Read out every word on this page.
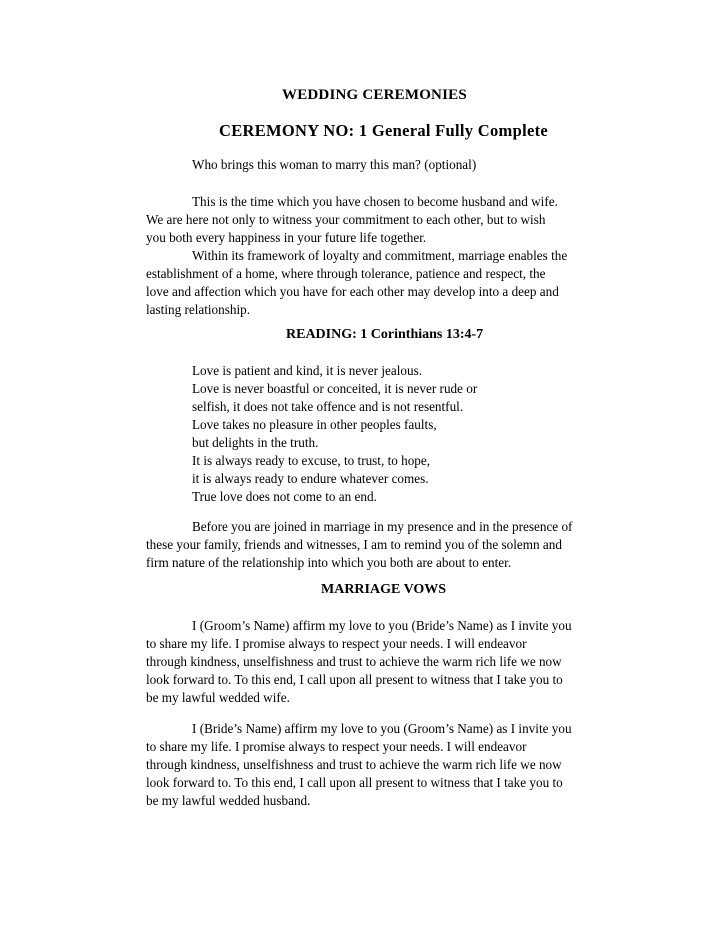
WEDDING CEREMONIES
CEREMONY NO: 1 General Fully Complete

Who brings this woman to marry this man? (optional)

This is the time which you have chosen to become husband and wife.
We are here not only to witness your commitment to each other, but to wish
you both every happiness in your future life together.
Within its framework of loyalty and commitment, marriage enables the
establishment of a home, where through tolerance, patience and respect, the
love and affection which you have for each other may develop into a deep and
lasting relationship.
READING: 1 Corinthians 13:4-7
Love is patient and kind, it is never jealous.
Love is never boastful or conceited, it is never rude or
selfish, it does not take offence and is not resentful.
Love takes no pleasure in other peoples faults,
but delights in the truth.
It is always ready to excuse, to trust, to hope,
it is always ready to endure whatever comes.
True love does not come to an end.

Before you are joined in marriage in my presence and in the presence of
these your family, friends and witnesses, I am to remind you of the solemn and
firm nature of the relationship into which you both are about to enter.

MARRIAGE VOWS

I (Groom’s Name) affirm my love to you (Bride’s Name) as I invite you
to share my life. I promise always to respect your needs. I will endeavor
through kindness, unselfishness and trust to achieve the warm rich life we now
look forward to. To this end, I call upon all present to witness that I take you to
be my lawful wedded wife.

I (Bride’s Name) affirm my love to you (Groom’s Name) as I invite you
to share my life. I promise always to respect your needs. I will endeavor
through kindness, unselfishness and trust to achieve the warm rich life we now
look forward to. To this end, I call upon all present to witness that I take you to
be my lawful wedded husband.
